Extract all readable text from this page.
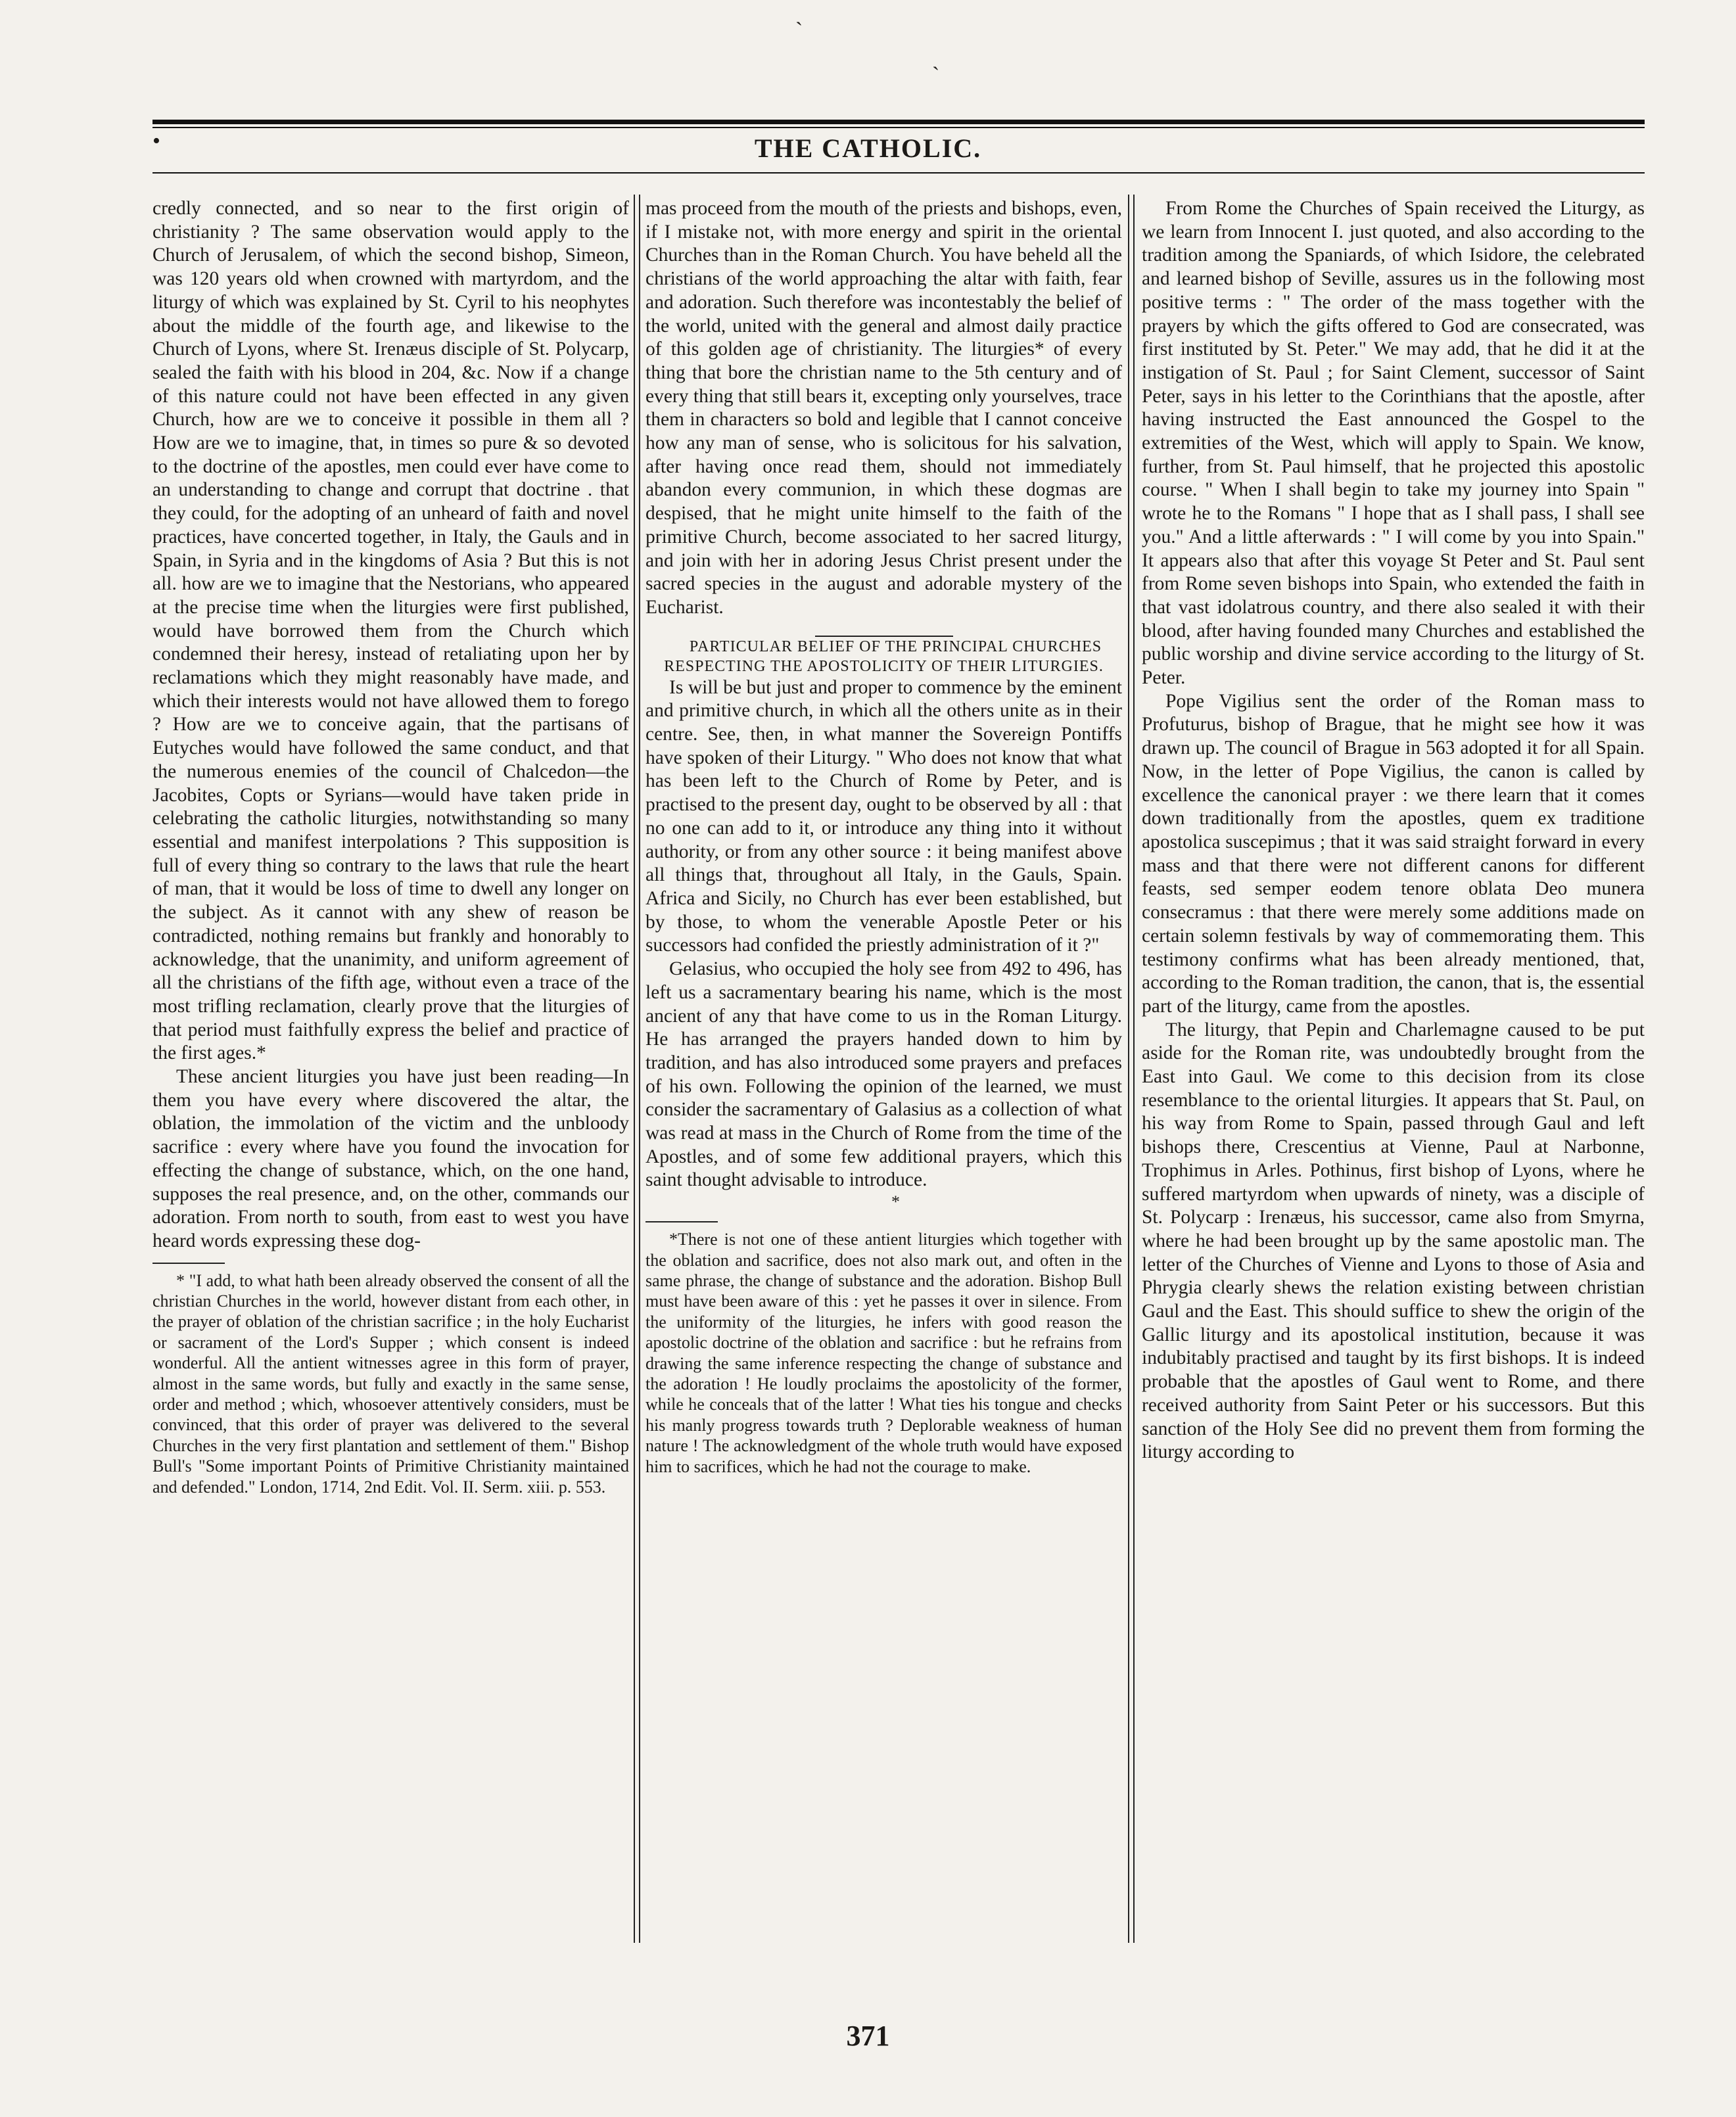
ˋ
ˋ
•	THE CATHOLIC.

credly connected, and so near to the first origin of christianity ? The same observation would apply to the Church of Jerusalem, of which the second bishop, Simeon, was 120 years old when crowned with martyrdom, and the liturgy of which was explained by St. Cyril to his neophytes about the middle of the fourth age, and likewise to the Church of Lyons, where St. Irenæus disciple of St. Polycarp, sealed the faith with his blood in 204, &c. Now if a change of this nature could not have been effected in any given Church, how are we to conceive it possible in them all ? How are we to imagine, that, in times so pure & so devoted to the doctrine of the apostles, men could ever have come to an understanding to change and corrupt that doctrine . that they could, for the adopting of an unheard of faith and novel practices, have concerted together, in Italy, the Gauls and in Spain, in Syria and in the kingdoms of Asia ? But this is not all. how are we to imagine that the Nestorians, who appeared at the precise time when the liturgies were first published, would have borrowed them from the Church which condemned their heresy, instead of retaliating upon her by reclamations which they might reasonably have made, and which their interests would not have allowed them to forego ? How are we to conceive again, that the partisans of Eutyches would have followed the same conduct, and that the numerous enemies of the council of Chalcedon—the Jacobites, Copts or Syrians—would have taken pride in celebrating the catholic liturgies, notwithstanding so many essential and manifest interpolations ? This supposition is full of every thing so contrary to the laws that rule the heart of man, that it would be loss of time to dwell any longer on the subject. As it cannot with any shew of reason be contradicted, nothing remains but frankly and honorably to acknowledge, that the unanimity, and uniform agreement of all the christians of the fifth age, without even a trace of the most trifling reclamation, clearly prove that the liturgies of that period must faithfully express the belief and practice of the first ages.*

These ancient liturgies you have just been reading—In them you have every where discovered the altar, the oblation, the immolation of the victim and the unbloody sacrifice : every where have you found the invocation for effecting the change of substance, which, on the one hand, supposes the real presence, and, on the other, commands our adoration. From north to south, from east to west you have heard words expressing these dog-

* "I add, to what hath been already observed the consent of all the christian Churches in the world, however distant from each other, in the prayer of oblation of the christian sacrifice ; in the holy Eucharist or sacrament of the Lord's Supper ; which consent is indeed wonderful. All the antient witnesses agree in this form of prayer, almost in the same words, but fully and exactly in the same sense, order and method ; which, whosoever attentively considers, must be convinced, that this order of prayer was delivered to the several Churches in the very first plantation and settlement of them." Bishop Bull's "Some important Points of Primitive Christianity maintained and defended." London, 1714, 2nd Edit. Vol. II. Serm. xiii. p. 553.

mas proceed from the mouth of the priests and bishops, even, if I mistake not, with more energy and spirit in the oriental Churches than in the Roman Church. You have beheld all the christians of the world approaching the altar with faith, fear and adoration. Such therefore was incontestably the belief of the world, united with the general and almost daily practice of this golden age of christianity. The liturgies* of every thing that bore the christian name to the 5th century and of every thing that still bears it, excepting only yourselves, trace them in characters so bold and legible that I cannot conceive how any man of sense, who is solicitous for his salvation, after having once read them, should not immediately abandon every communion, in which these dogmas are despised, that he might unite himself to the faith of the primitive Church, become associated to her sacred liturgy, and join with her in adoring Jesus Christ present under the sacred species in the august and adorable mystery of the Eucharist.

PARTICULAR BELIEF OF THE PRINCIPAL CHURCHES RESPECTING THE APOSTOLICITY OF THEIR LITURGIES.

Is will be but just and proper to commence by the eminent and primitive church, in which all the others unite as in their centre. See, then, in what manner the Sovereign Pontiffs have spoken of their Liturgy. " Who does not know that what has been left to the Church of Rome by Peter, and is practised to the present day, ought to be observed by all : that no one can add to it, or introduce any thing into it without authority, or from any other source : it being manifest above all things that, throughout all Italy, in the Gauls, Spain. Africa and Sicily, no Church has ever been established, but by those, to whom the venerable Apostle Peter or his successors had confided the priestly administration of it ?"

Gelasius, who occupied the holy see from 492 to 496, has left us a sacramentary bearing his name, which is the most ancient of any that have come to us in the Roman Liturgy. He has arranged the prayers handed down to him by tradition, and has also introduced some prayers and prefaces of his own. Following the opinion of the learned, we must consider the sacramentary of Galasius as a collection of what was read at mass in the Church of Rome from the time of the Apostles, and of some few additional prayers, which this saint thought advisable to introduce.

*

*There is not one of these antient liturgies which together with the oblation and sacrifice, does not also mark out, and often in the same phrase, the change of substance and the adoration. Bishop Bull must have been aware of this : yet he passes it over in silence. From the uniformity of the liturgies, he infers with good reason the apostolic doctrine of the oblation and sacrifice : but he refrains from drawing the same inference respecting the change of substance and the adoration ! He loudly proclaims the apostolicity of the former, while he conceals that of the latter ! What ties his tongue and checks his manly progress towards truth ? Deplorable weakness of human nature ! The acknowledgment of the whole truth would have exposed him to sacrifices, which he had not the courage to make.

From Rome the Churches of Spain received the Liturgy, as we learn from Innocent I. just quoted, and also according to the tradition among the Spaniards, of which Isidore, the celebrated and learned bishop of Seville, assures us in the following most positive terms : " The order of the mass together with the prayers by which the gifts offered to God are consecrated, was first instituted by St. Peter." We may add, that he did it at the instigation of St. Paul ; for Saint Clement, successor of Saint Peter, says in his letter to the Corinthians that the apostle, after having instructed the East announced the Gospel to the extremities of the West, which will apply to Spain. We know, further, from St. Paul himself, that he projected this apostolic course. " When I shall begin to take my journey into Spain " wrote he to the Romans " I hope that as I shall pass, I shall see you." And a little afterwards : " I will come by you into Spain." It appears also that after this voyage St Peter and St. Paul sent from Rome seven bishops into Spain, who extended the faith in that vast idolatrous country, and there also sealed it with their blood, after having founded many Churches and established the public worship and divine service according to the liturgy of St. Peter.

Pope Vigilius sent the order of the Roman mass to Profuturus, bishop of Brague, that he might see how it was drawn up. The council of Brague in 563 adopted it for all Spain. Now, in the letter of Pope Vigilius, the canon is called by excellence the canonical prayer : we there learn that it comes down traditionally from the apostles, quem ex traditione apostolica suscepimus ; that it was said straight forward in every mass and that there were not different canons for different feasts, sed semper eodem tenore oblata Deo munera consecramus : that there were merely some additions made on certain solemn festivals by way of commemorating them. This testimony confirms what has been already mentioned, that, according to the Roman tradition, the canon, that is, the essential part of the liturgy, came from the apostles.

The liturgy, that Pepin and Charlemagne caused to be put aside for the Roman rite, was undoubtedly brought from the East into Gaul. We come to this decision from its close resemblance to the oriental liturgies. It appears that St. Paul, on his way from Rome to Spain, passed through Gaul and left bishops there, Crescentius at Vienne, Paul at Narbonne, Trophimus in Arles. Pothinus, first bishop of Lyons, where he suffered martyrdom when upwards of ninety, was a disciple of St. Polycarp : Irenæus, his successor, came also from Smyrna, where he had been brought up by the same apostolic man. The letter of the Churches of Vienne and Lyons to those of Asia and Phrygia clearly shews the relation existing between christian Gaul and the East. This should suffice to shew the origin of the Gallic liturgy and its apostolical institution, because it was indubitably practised and taught by its first bishops. It is indeed probable that the apostles of Gaul went to Rome, and there received authority from Saint Peter or his successors. But this sanction of the Holy See did no prevent them from forming the liturgy according to

371
